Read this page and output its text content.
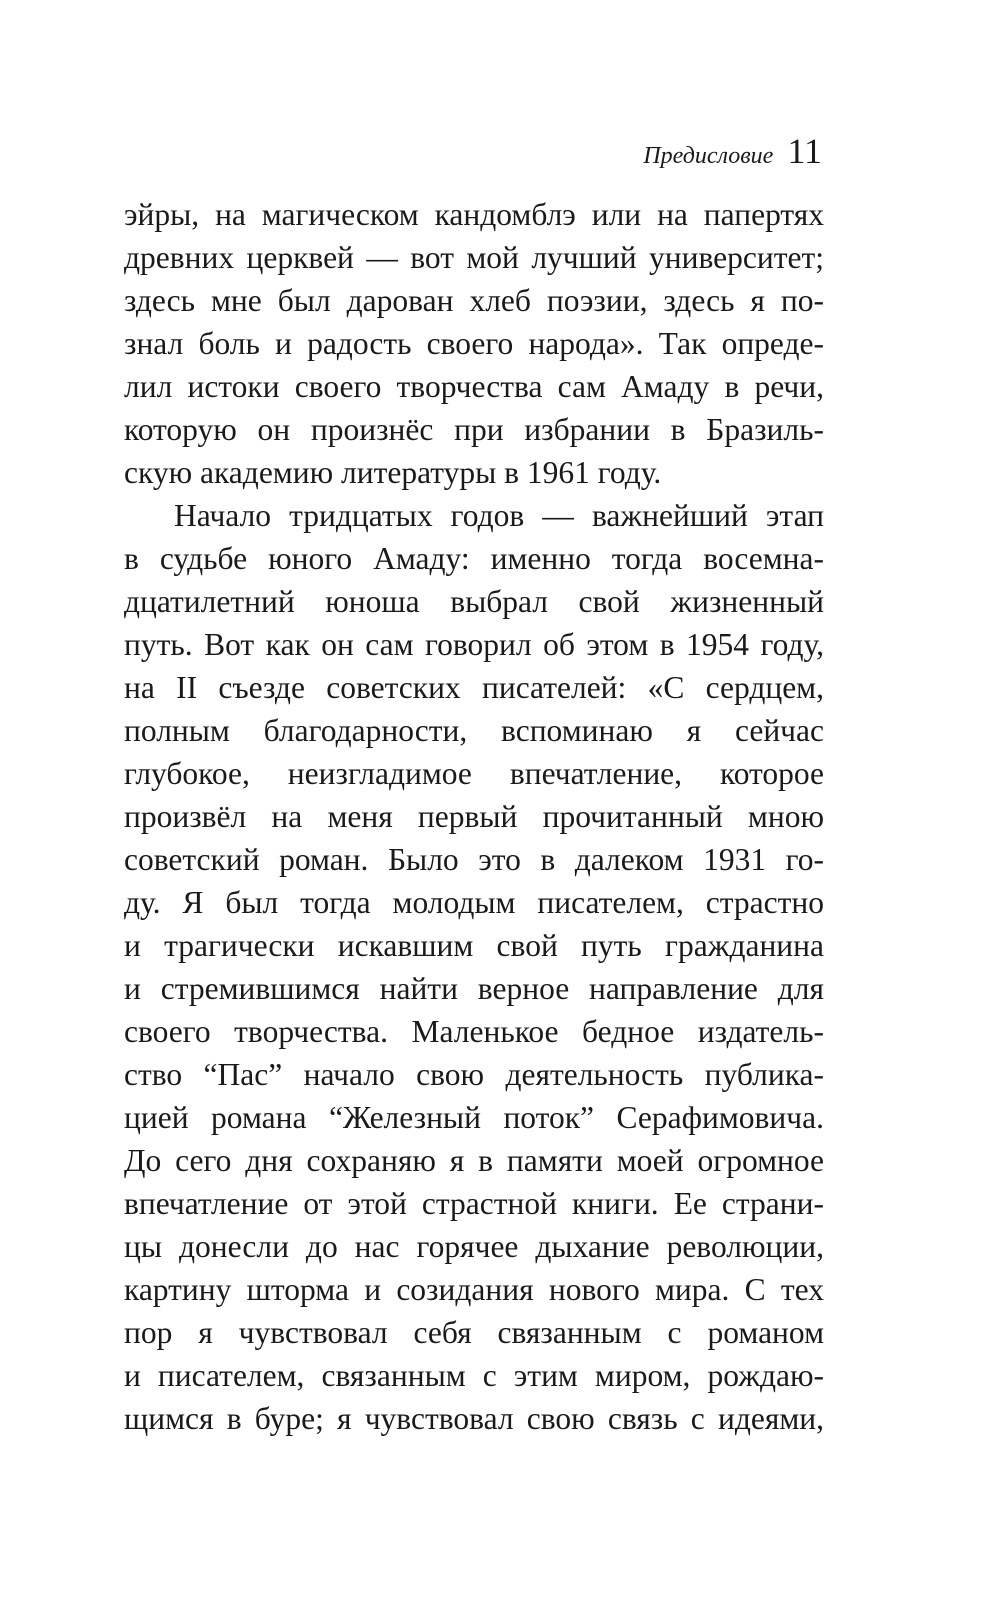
Предисловие 11
эйры, на магическом кандомблэ или на папертях
древних церквей — вот мой лучший университет;
здесь мне был дарован хлеб поэзии, здесь я по-
знал боль и радость своего народа». Так опреде-
лил истоки своего творчества сам Амаду в речи,
которую он произнёс при избрании в Бразиль-
скую академию литературы в 1961 году.
Начало тридцатых годов — важнейший этап
в судьбе юного Амаду: именно тогда восемна-
дцатилетний юноша выбрал свой жизненный
путь. Вот как он сам говорил об этом в 1954 году,
на II съезде советских писателей: «С сердцем,
полным благодарности, вспоминаю я сейчас
глубокое, неизгладимое впечатление, которое
произвёл на меня первый прочитанный мною
советский роман. Было это в далеком 1931 го-
ду. Я был тогда молодым писателем, страстно
и трагически искавшим свой путь гражданина
и стремившимся найти верное направление для
своего творчества. Маленькое бедное издатель-
ство “Пас” начало свою деятельность публика-
цией романа “Железный поток” Серафимовича.
До сего дня сохраняю я в памяти моей огромное
впечатление от этой страстной книги. Ее страни-
цы донесли до нас горячее дыхание революции,
картину шторма и созидания нового мира. С тех
пор я чувствовал себя связанным с романом
и писателем, связанным с этим миром, рождаю-
щимся в буре; я чувствовал свою связь с идеями,
